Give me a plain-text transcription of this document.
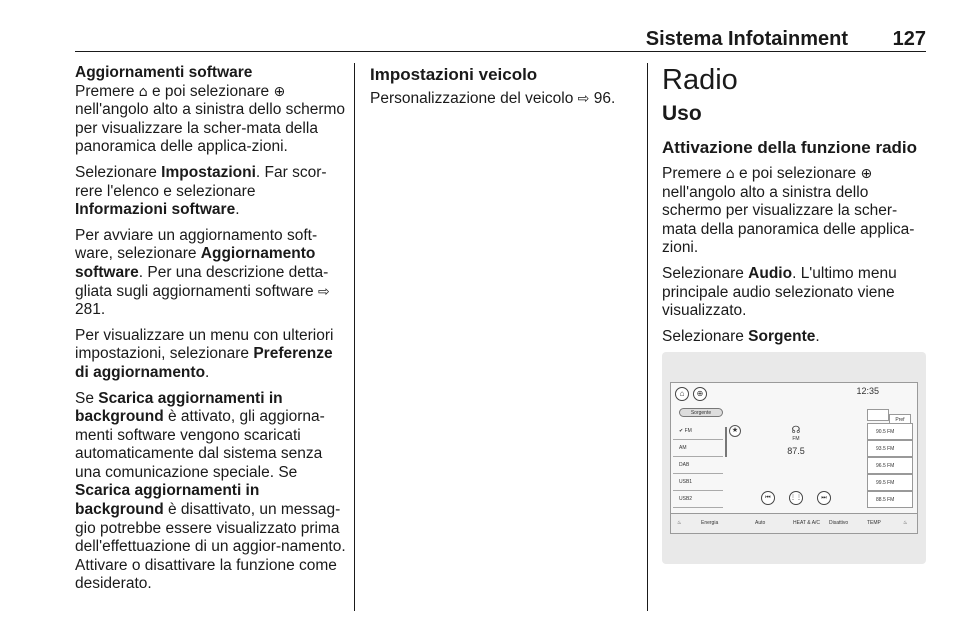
Sistema Infotainment 127
Aggiornamenti software

Premere ⌂ e poi selezionare ⊕ nell'angolo alto a sinistra dello schermo per visualizzare la scher-mata della panoramica delle applica-zioni.

Selezionare Impostazioni. Far scor-rere l'elenco e selezionare Informazioni software.

Per avviare un aggiornamento soft-ware, selezionare Aggiornamento software. Per una descrizione detta-gliata sugli aggiornamenti software ⇨ 281.

Per visualizzare un menu con ulteriori impostazioni, selezionare Preferenze di aggiornamento.

Se Scarica aggiornamenti in background è attivato, gli aggiorna-menti software vengono scaricati automaticamente dal sistema senza una comunicazione speciale. Se Scarica aggiornamenti in background è disattivato, un messag-gio potrebbe essere visualizzato prima dell'effettuazione di un aggior-namento. Attivare o disattivare la funzione come desiderato.

Impostazioni veicolo

Personalizzazione del veicolo ⇨ 96.

Radio
Uso
Attivazione della funzione radio

Premere ⌂ e poi selezionare ⊕ nell'angolo alto a sinistra dello schermo per visualizzare la scher-mata della panoramica delle applica-zioni.

Selezionare Audio. L'ultimo menu principale audio selezionato viene visualizzato.

Selezionare Sorgente.

⌂	⊕	12:35
Sorgente
✔ FM
AM
DAB
USB1
USB2
★
Pref
90.5 FM
93.5 FM
96.5 FM
99.5 FM
88.5 FM
☊
FM
87.5
⏮	⋮⋮	⏭
♨	Energia	Auto	HEAT & A/C Disattivo	TEMP	♨
